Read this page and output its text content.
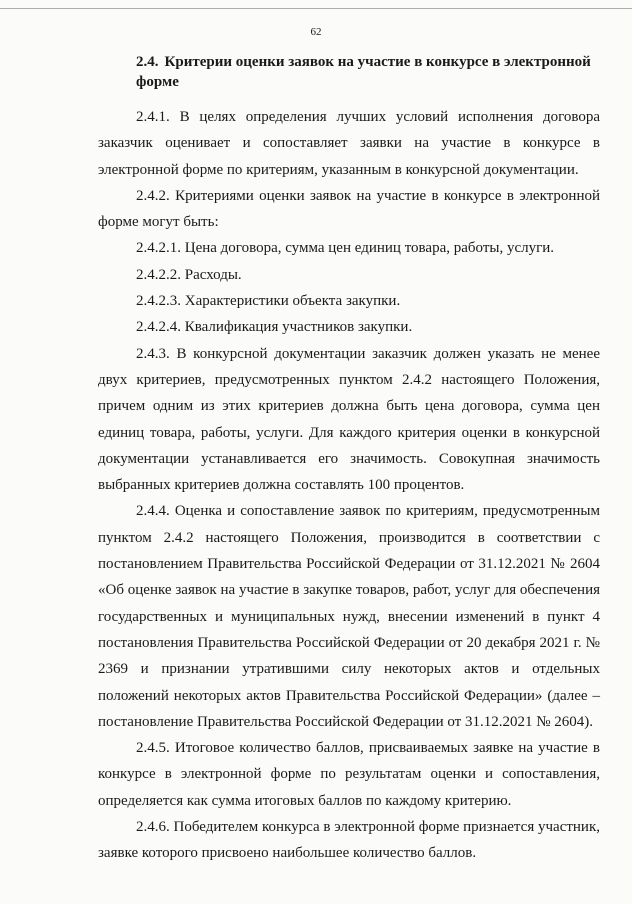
62
2.4. Критерии оценки заявок на участие в конкурсе в электронной форме

2.4.1. В целях определения лучших условий исполнения договора заказчик оценивает и сопоставляет заявки на участие в конкурсе в электронной форме по критериям, указанным в конкурсной документации.

2.4.2. Критериями оценки заявок на участие в конкурсе в электронной форме могут быть:

2.4.2.1. Цена договора, сумма цен единиц товара, работы, услуги.

2.4.2.2. Расходы.

2.4.2.3. Характеристики объекта закупки.

2.4.2.4. Квалификация участников закупки.

2.4.3. В конкурсной документации заказчик должен указать не менее двух критериев, предусмотренных пунктом 2.4.2 настоящего Положения, причем одним из этих критериев должна быть цена договора, сумма цен единиц товара, работы, услуги. Для каждого критерия оценки в конкурсной документации устанавливается его значимость. Совокупная значимость выбранных критериев должна составлять 100 процентов.

2.4.4. Оценка и сопоставление заявок по критериям, предусмотренным пунктом 2.4.2 настоящего Положения, производится в соответствии с постановлением Правительства Российской Федерации от 31.12.2021 № 2604 «Об оценке заявок на участие в закупке товаров, работ, услуг для обеспечения государственных и муниципальных нужд, внесении изменений в пункт 4 постановления Правительства Российской Федерации от 20 декабря 2021 г. № 2369 и признании утратившими силу некоторых актов и отдельных положений некоторых актов Правительства Российской Федерации» (далее – постановление Правительства Российской Федерации от 31.12.2021 № 2604).

2.4.5. Итоговое количество баллов, присваиваемых заявке на участие в конкурсе в электронной форме по результатам оценки и сопоставления, определяется как сумма итоговых баллов по каждому критерию.

2.4.6. Победителем конкурса в электронной форме признается участник, заявке которого присвоено наибольшее количество баллов.
